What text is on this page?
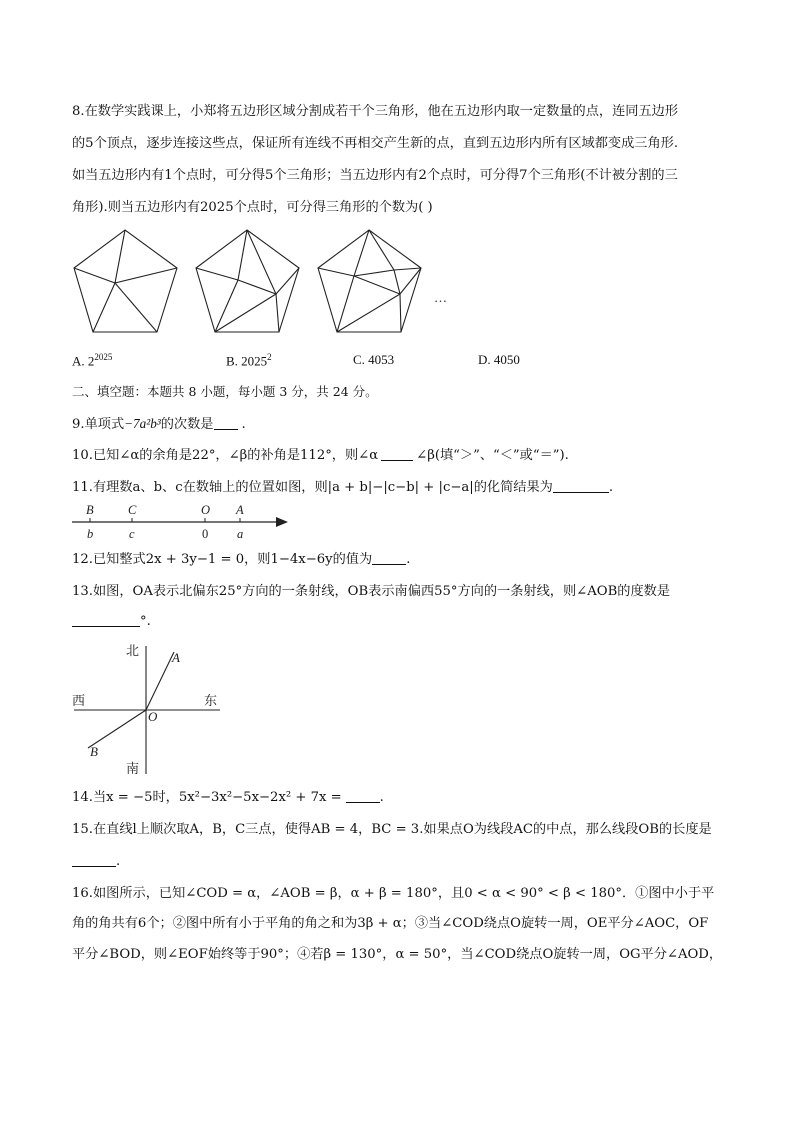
8.在数学实践课上，小郑将五边形区域分割成若干个三角形，他在五边形内取一定数量的点，连同五边形
的5个顶点，逐步连接这些点，保证所有连线不再相交产生新的点，直到五边形内所有区域都变成三角形.
如当五边形内有1个点时，可分得5个三角形；当五边形内有2个点时，可分得7个三角形(不计被分割的三
角形).则当五边形内有2025个点时，可分得三角形的个数为( )
…
A. $2^{2025}$	B. 2025$^2$	C. 4053	D. 4050
二、填空题：本题共 8 小题，每小题 3 分，共 24 分。
9.单项式−7a²b³的次数是 .
10.已知∠α的余角是22°，∠β的补角是112°，则∠α	∠β(填“＞”、“＜”或“＝”).
11.有理数a、b、c在数轴上的位置如图，则|a + b|−|c−b| + |c−a|的化简结果为	.
B	C	O A
b	c	0 a
12.已知整式2x + 3y−1 = 0，则1−4x−6y的值为	.
13.如图，OA表示北偏东25°方向的一条射线，OB表示南偏西55°方向的一条射线，则∠AOB的度数是
°.
北
南
西	东
O
A
B
14.当x = −5时，5x²−3x²−5x−2x² + 7x =	.
15.在直线l上顺次取A，B，C三点，使得AB = 4，BC = 3.如果点O为线段AC的中点，那么线段OB的长度是
.
16.如图所示，已知∠COD = α，∠AOB = β，α + β = 180°，且0 < α < 90° < β < 180°．①图中小于平
角的角共有6个；②图中所有小于平角的角之和为3β + α；③当∠COD绕点O旋转一周，OE平分∠AOC，OF
平分∠BOD，则∠EOF始终等于90°；④若β = 130°，α = 50°，当∠COD绕点O旋转一周，OG平分∠AOD，
